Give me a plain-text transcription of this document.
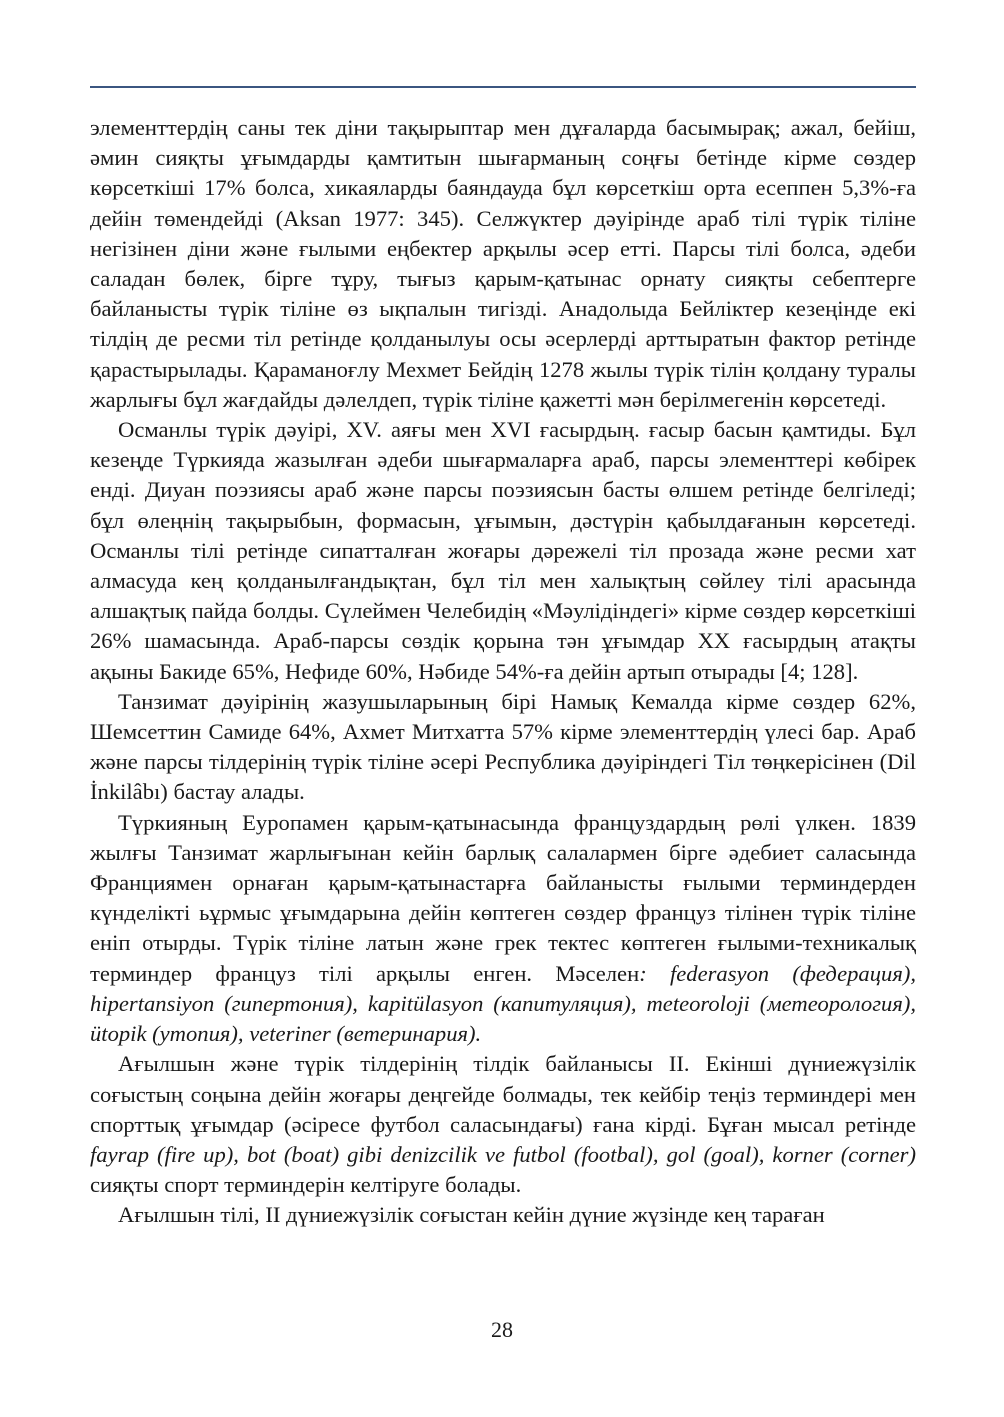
элементтердің саны тек діни тақырыптар мен дұғаларда басымырақ; ажал, бейіш, әмин сияқты ұғымдарды қамтитын шығарманың соңғы бетінде кірме сөздер көрсеткіші 17% болса, хикаяларды баяндауда бұл көрсеткіш орта есеппен 5,3%-ға дейін төмендейді (Aksan 1977: 345). Селжүктер дәуірінде араб тілі түрік тіліне негізінен діни және ғылыми еңбектер арқылы әсер етті. Парсы тілі болса, әдеби саладан бөлек, бірге тұру, тығыз қарым-қатынас орнату сияқты себептерге байланысты түрік тіліне өз ықпалын тигізді. Анадолыда Бейліктер кезеңінде екі тілдің де ресми тіл ретінде қолданылуы осы әсерлерді арттыратын фактор ретінде қарастырылады. Қараманоғлу Мехмет Бейдің 1278 жылы түрік тілін қолдану туралы жарлығы бұл жағдайды дәлелдеп, түрік тіліне қажетті мән берілмегенін көрсетеді.

Османлы түрік дәуірі, XV. аяғы мен XVI ғасырдың. ғасыр басын қамтиды. Бұл кезеңде Түркияда жазылған әдеби шығармаларға араб, парсы элементтері көбірек енді. Диуан поэзиясы араб және парсы поэзиясын басты өлшем ретінде белгіледі; бұл өлеңнің тақырыбын, формасын, ұғымын, дәстүрін қабылдағанын көрсетеді. Османлы тілі ретінде сипатталған жоғары дәрежелі тіл прозада және ресми хат алмасуда кең қолданылғандықтан, бұл тіл мен халықтың сөйлеу тілі арасында алшақтық пайда болды. Сүлеймен Челебидің «Мәулідіндегі» кірме сөздер көрсеткіші 26% шамасында. Араб-парсы сөздік қорына тән ұғымдар XX ғасырдың атақты ақыны Бакиде 65%, Нефиде 60%, Нәбиде 54%-ға дейін артып отырады [4; 128].

Танзимат дәуірінің жазушыларының бірі Намық Кемалда кірме сөздер 62%, Шемсеттин Самиде 64%, Ахмет Митхатта 57% кірме элементтердің үлесі бар. Араб және парсы тілдерінің түрік тіліне әсері Республика дәуіріндегі Тіл төңкерісінен (Dil İnkilâbı) бастау алады.

Түркияның Еуропамен қарым-қатынасында француздардың рөлі үлкен. 1839 жылғы Танзимат жарлығынан кейін барлық салалармен бірге әдебиет саласында Франциямен орнаған қарым-қатынастарға байланысты ғылыми терминдерден күнделікті ьұрмыс ұғымдарына дейін көптеген сөздер француз тілінен түрік тіліне еніп отырды. Түрік тіліне латын және грек тектес көптеген ғылыми-техникалық терминдер француз тілі арқылы енген. Мәселен: federasyon (федерация), hipertansiyon (гипертония), kapitülasyon (капитуляция), meteoroloji (метеорология), ütopik (утопия), veteriner (ветеринария).

Ағылшын және түрік тілдерінің тілдік байланысы II. Екінші дүниежүзілік соғыстың соңына дейін жоғары деңгейде болмады, тек кейбір теңіз терминдері мен спорттық ұғымдар (әсіресе футбол саласындағы) ғана кірді. Бұған мысал ретінде fayrap (fire up), bot (boat) gibi denizcilik ve futbol (footbal), gol (goal), korner (corner) сияқты спорт терминдерін келтіруге болады.

Ағылшын тілі, II дүниежүзілік соғыстан кейін дүние жүзінде кең тараған

28
